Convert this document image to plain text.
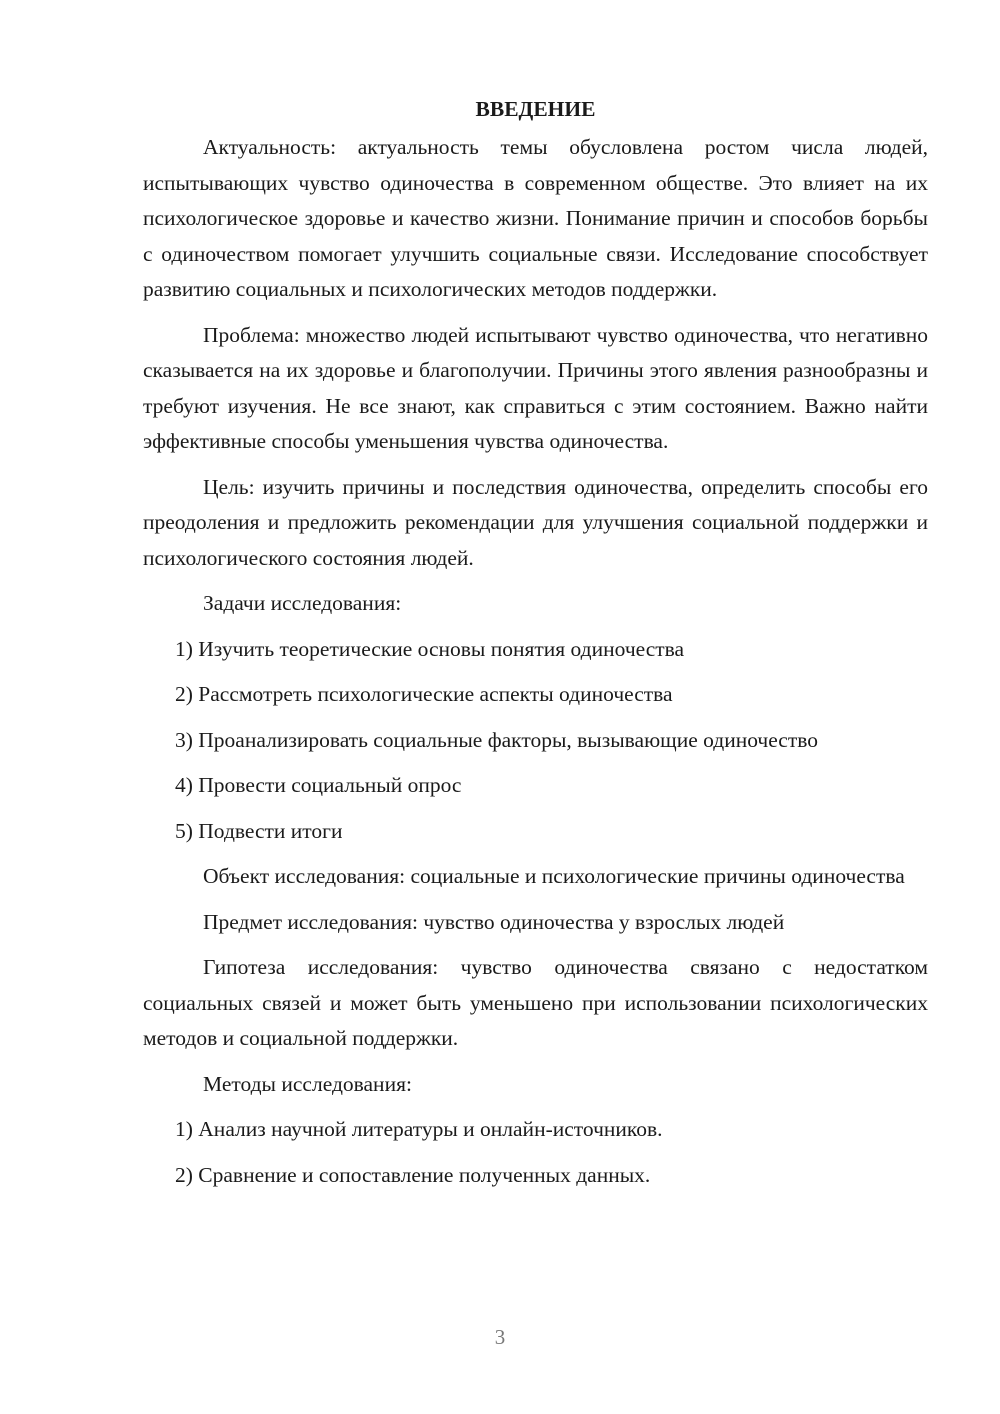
ВВЕДЕНИЕ

Актуальность: актуальность темы обусловлена ростом числа людей, испытывающих чувство одиночества в современном обществе. Это влияет на их психологическое здоровье и качество жизни. Понимание причин и способов борьбы с одиночеством помогает улучшить социальные связи. Исследование способствует развитию социальных и психологических методов поддержки.

Проблема: множество людей испытывают чувство одиночества, что негативно сказывается на их здоровье и благополучии. Причины этого явления разнообразны и требуют изучения. Не все знают, как справиться с этим состоянием. Важно найти эффективные способы уменьшения чувства одиночества.

Цель: изучить причины и последствия одиночества, определить способы его преодоления и предложить рекомендации для улучшения социальной поддержки и психологического состояния людей.

Задачи исследования:

1) Изучить теоретические основы понятия одиночества
2) Рассмотреть психологические аспекты одиночества
3) Проанализировать социальные факторы, вызывающие одиночество
4) Провести социальный опрос
5) Подвести итоги

Объект исследования: социальные и психологические причины одиночества

Предмет исследования: чувство одиночества у взрослых людей

Гипотеза исследования: чувство одиночества связано с недостатком социальных связей и может быть уменьшено при использовании психологических методов и социальной поддержки.

Методы исследования:

1) Анализ научной литературы и онлайн-источников.
2) Сравнение и сопоставление полученных данных.
3
